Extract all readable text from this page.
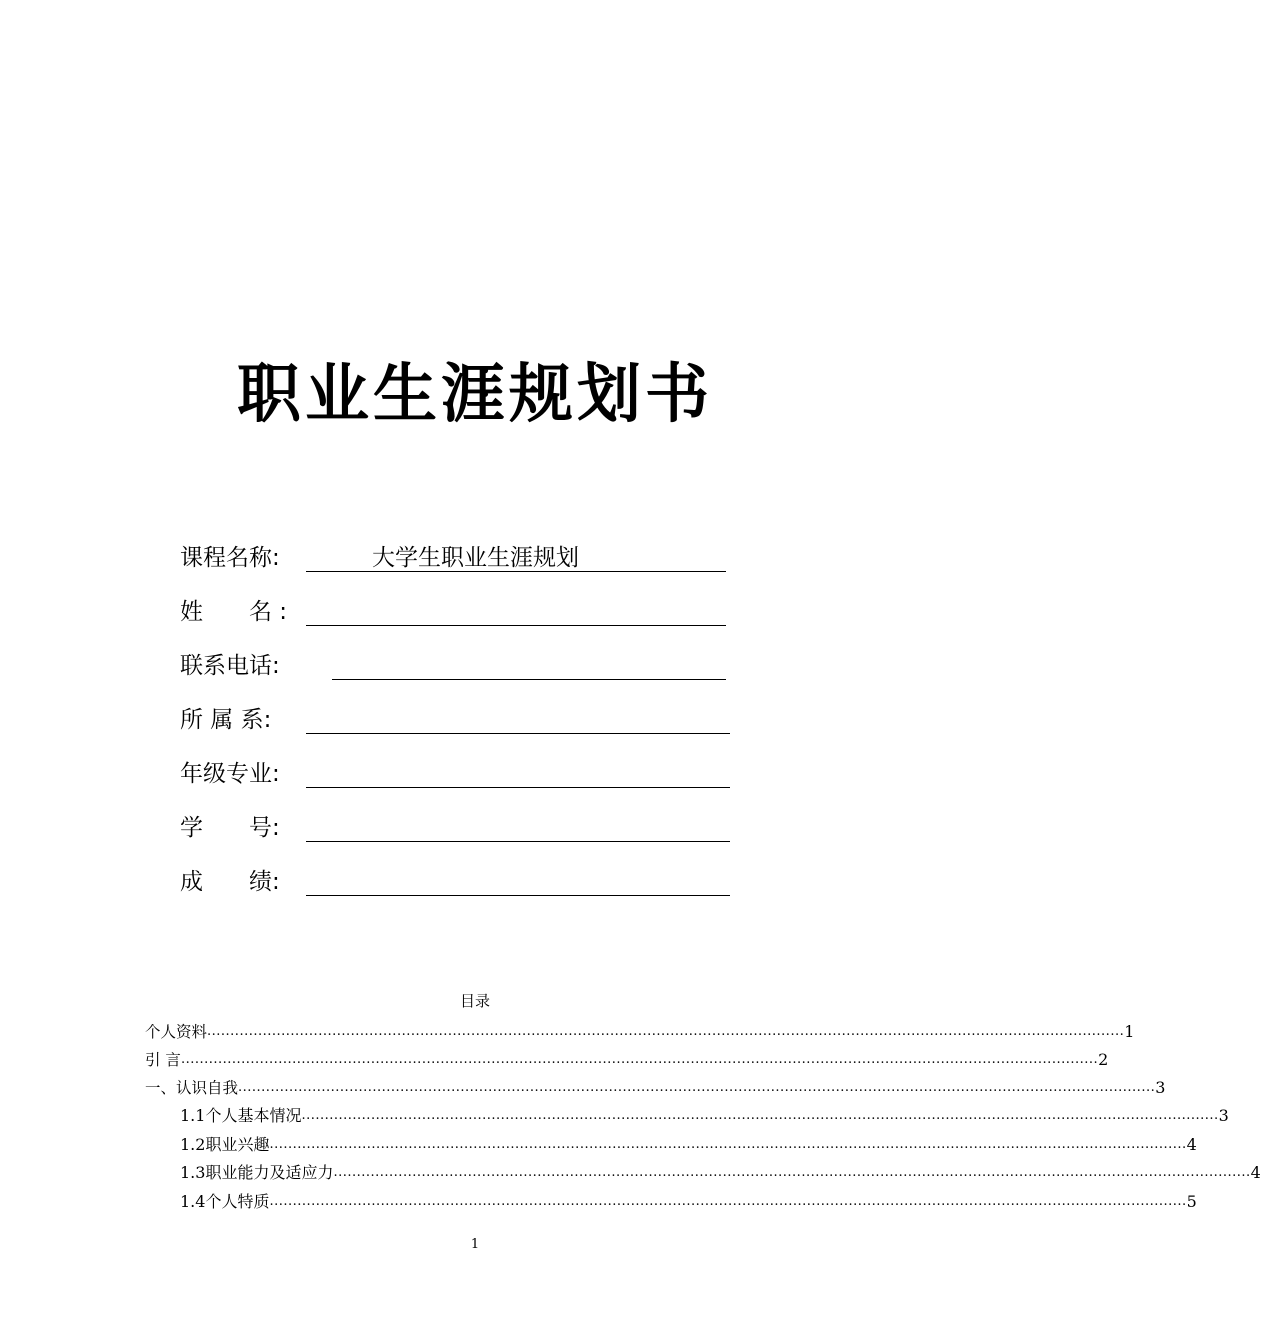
职业生涯规划书
课程名称:	大学生职业生涯规划
姓　　名 :
联系电话:
所 属 系:
年级专业:
学　　号:
成　　绩:
目录
个人资料 ...................................................................................................................................................................................................... 1
引 言 ...................................................................................................................................................................................................... 2
一、认识自我 ...................................................................................................................................................................................................... 3
1.1个人基本情况 ...................................................................................................................................................................................................... 3
1.2职业兴趣 ...................................................................................................................................................................................................... 4
1.3职业能力及适应力 ...................................................................................................................................................................................................... 4
1.4个人特质 ...................................................................................................................................................................................................... 5
1
